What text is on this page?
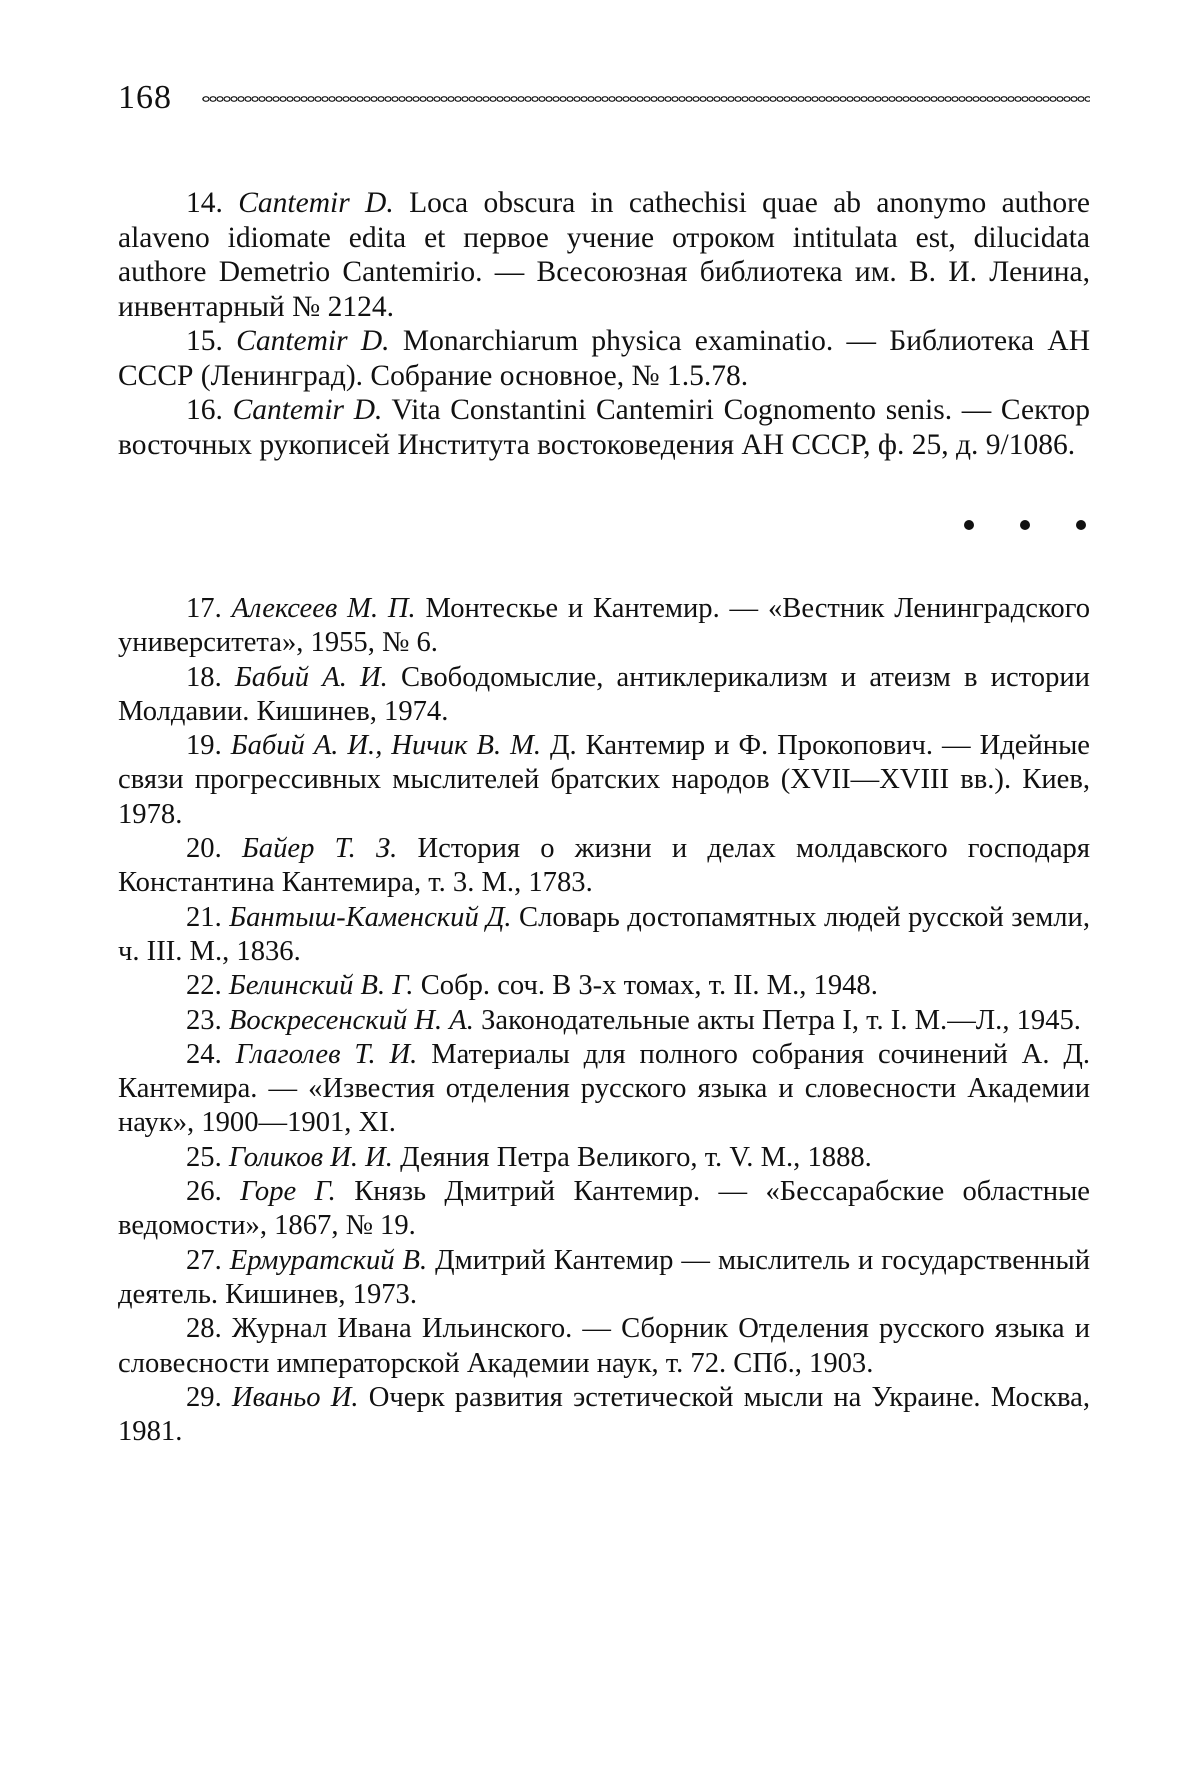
168

14. Cantemir D. Loca obscura in cathechisi quae ab anonymo authore alaveno idiomate edita et первое учение отроком intitulata est, dilucidata authore Demetrio Cantemirio. — Всесоюзная библиотека им. В. И. Ленина, инвентарный № 2124.

15. Cantemir D. Monarchiarum physica examinatio. — Библиотека АН СССР (Ленинград). Собрание основное, № 1.5.78.

16. Cantemir D. Vita Constantini Cantemiri Cognomento senis. — Сектор восточных рукописей Института востоковедения АН СССР, ф. 25, д. 9/1086.

17. Алексеев М. П. Монтескье и Кантемир. — «Вестник Ленинградского университета», 1955, № 6.

18. Бабий А. И. Свободомыслие, антиклерикализм и атеизм в истории Молдавии. Кишинев, 1974.

19. Бабий А. И., Ничик В. М. Д. Кантемир и Ф. Прокопович. — Идейные связи прогрессивных мыслителей братских народов (XVII—XVIII вв.). Киев, 1978.

20. Байер Т. З. История о жизни и делах молдавского господаря Константина Кантемира, т. 3. М., 1783.

21. Бантыш-Каменский Д. Словарь достопамятных людей русской земли, ч. III. М., 1836.

22. Белинский В. Г. Собр. соч. В 3-х томах, т. II. М., 1948.

23. Воскресенский Н. А. Законодательные акты Петра I, т. I. М.—Л., 1945.

24. Глаголев Т. И. Материалы для полного собрания сочинений А. Д. Кантемира. — «Известия отделения русского языка и словесности Академии наук», 1900—1901, XI.

25. Голиков И. И. Деяния Петра Великого, т. V. М., 1888.

26. Горе Г. Князь Дмитрий Кантемир. — «Бессарабские областные ведомости», 1867, № 19.

27. Ермуратский В. Дмитрий Кантемир — мыслитель и государственный деятель. Кишинев, 1973.

28. Журнал Ивана Ильинского. — Сборник Отделения русского языка и словесности императорской Академии наук, т. 72. СПб., 1903.

29. Иваньо И. Очерк развития эстетической мысли на Украине. Москва, 1981.
